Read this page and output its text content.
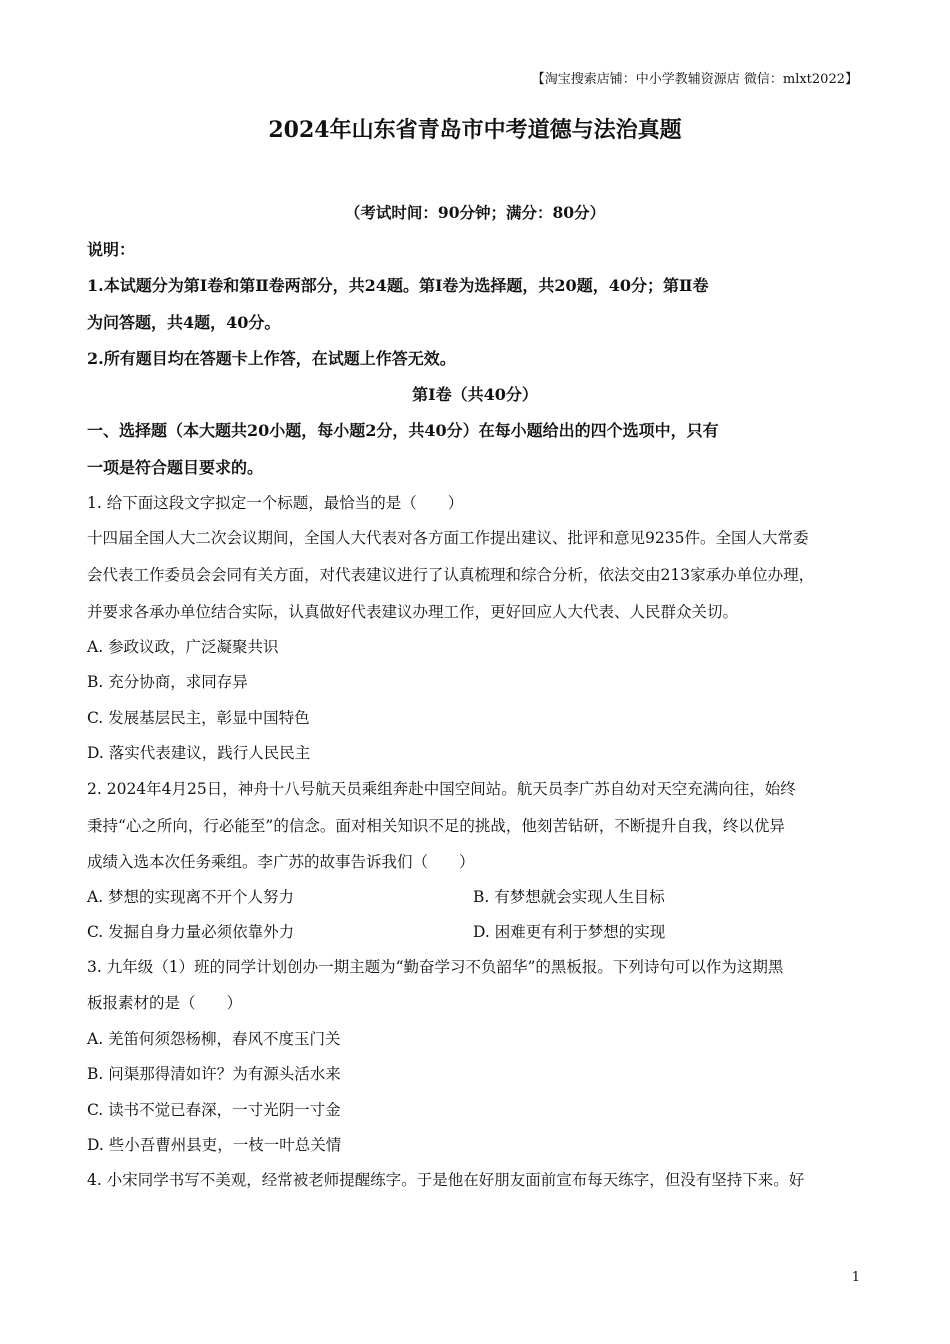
【淘宝搜索店铺：中小学教辅资源店 微信：mlxt2022】
2024年山东省青岛市中考道德与法治真题
（考试时间：90分钟；满分：80分）
说明：
1.本试题分为第Ⅰ卷和第Ⅱ卷两部分，共24题。第Ⅰ卷为选择题，共20题，40分；第Ⅱ卷
为问答题，共4题，40分。
2.所有题目均在答题卡上作答，在试题上作答无效。
第Ⅰ卷（共40分）
一、选择题（本大题共20小题，每小题2分，共40分）在每小题给出的四个选项中，只有
一项是符合题目要求的。
1. 给下面这段文字拟定一个标题，最恰当的是（　　）
十四届全国人大二次会议期间，全国人大代表对各方面工作提出建议、批评和意见9235件。全国人大常委
会代表工作委员会会同有关方面，对代表建议进行了认真梳理和综合分析，依法交由213家承办单位办理，
并要求各承办单位结合实际，认真做好代表建议办理工作，更好回应人大代表、人民群众关切。
A. 参政议政，广泛凝聚共识
B. 充分协商，求同存异
C. 发展基层民主，彰显中国特色
D. 落实代表建议，践行人民民主
2. 2024年4月25日，神舟十八号航天员乘组奔赴中国空间站。航天员李广苏自幼对天空充满向往，始终
秉持“心之所向，行必能至”的信念。面对相关知识不足的挑战，他刻苦钻研，不断提升自我，终以优异
成绩入选本次任务乘组。李广苏的故事告诉我们（　　）
A. 梦想的实现离不开个人努力	B. 有梦想就会实现人生目标
C. 发掘自身力量必须依靠外力	D. 困难更有利于梦想的实现
3. 九年级（1）班的同学计划创办一期主题为“勤奋学习不负韶华”的黑板报。下列诗句可以作为这期黑
板报素材的是（　　）
A. 羌笛何须怨杨柳，春风不度玉门关
B. 问渠那得清如许？为有源头活水来
C. 读书不觉已春深，一寸光阴一寸金
D. 些小吾曹州县吏，一枝一叶总关情
4. 小宋同学书写不美观，经常被老师提醒练字。于是他在好朋友面前宣布每天练字，但没有坚持下来。好
1
